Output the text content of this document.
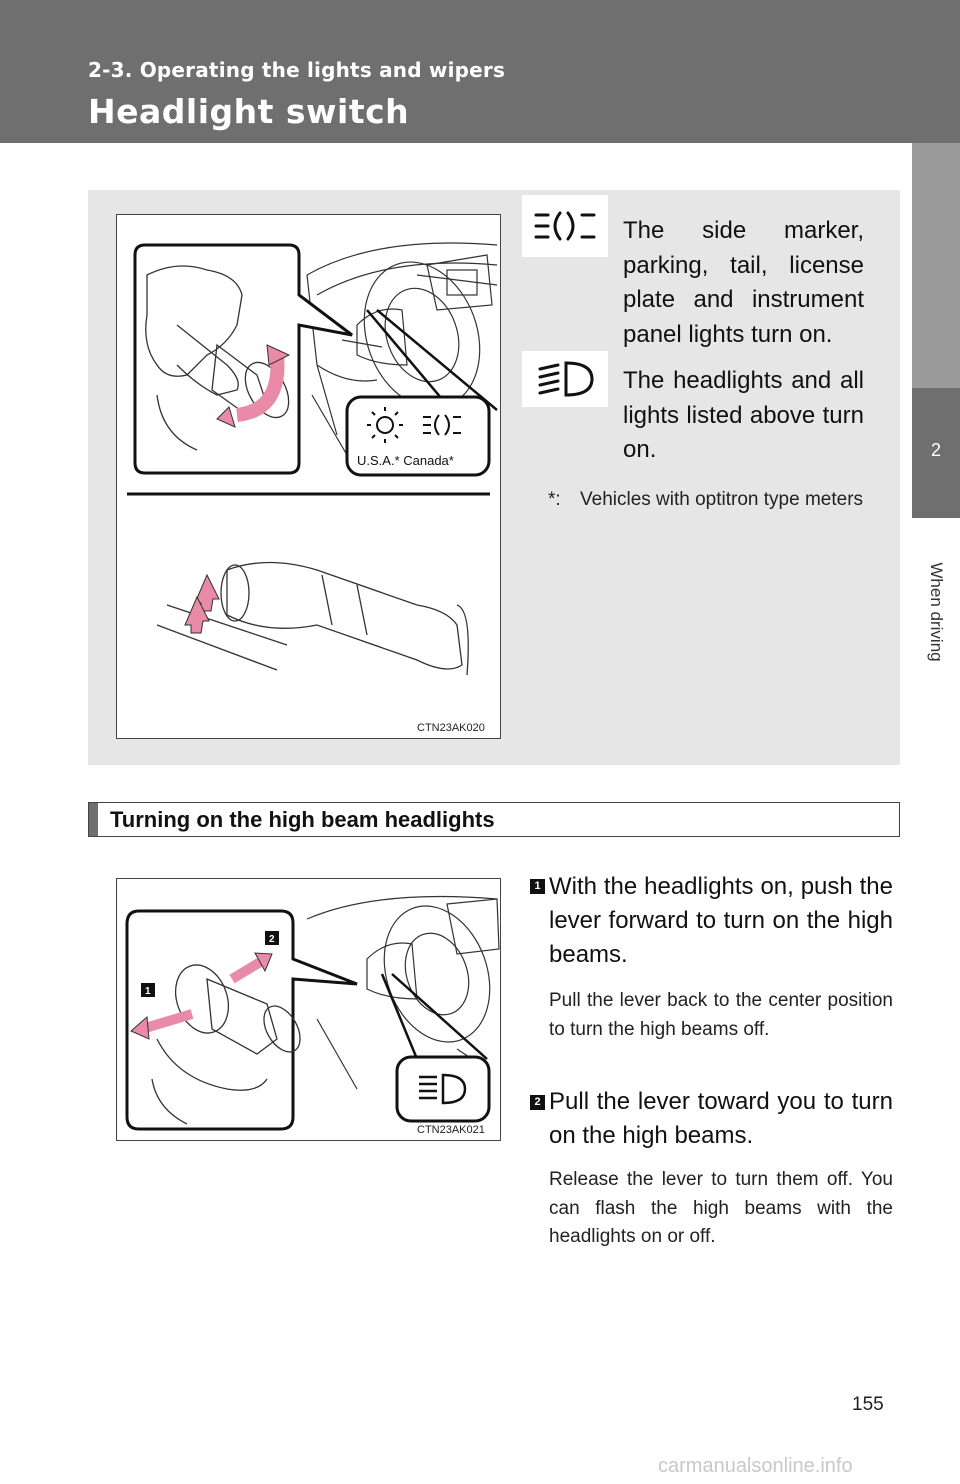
2-3. Operating the lights and wipers
Headlight switch
2
When driving
U.S.A.* Canada*
CTN23AK020
The side marker, parking, tail, license plate and instrument panel lights turn on.
The headlights and all lights listed above turn on.
*:	Vehicles with optitron type meters
Turning on the high beam headlights
2
1
CTN23AK021
1 With the headlights on, push the lever forward to turn on the high beams.
Pull the lever back to the center position to turn the high beams off.
2 Pull the lever toward you to turn on the high beams.
Release the lever to turn them off. You can flash the high beams with the headlights on or off.
155
carmanualsonline.info
